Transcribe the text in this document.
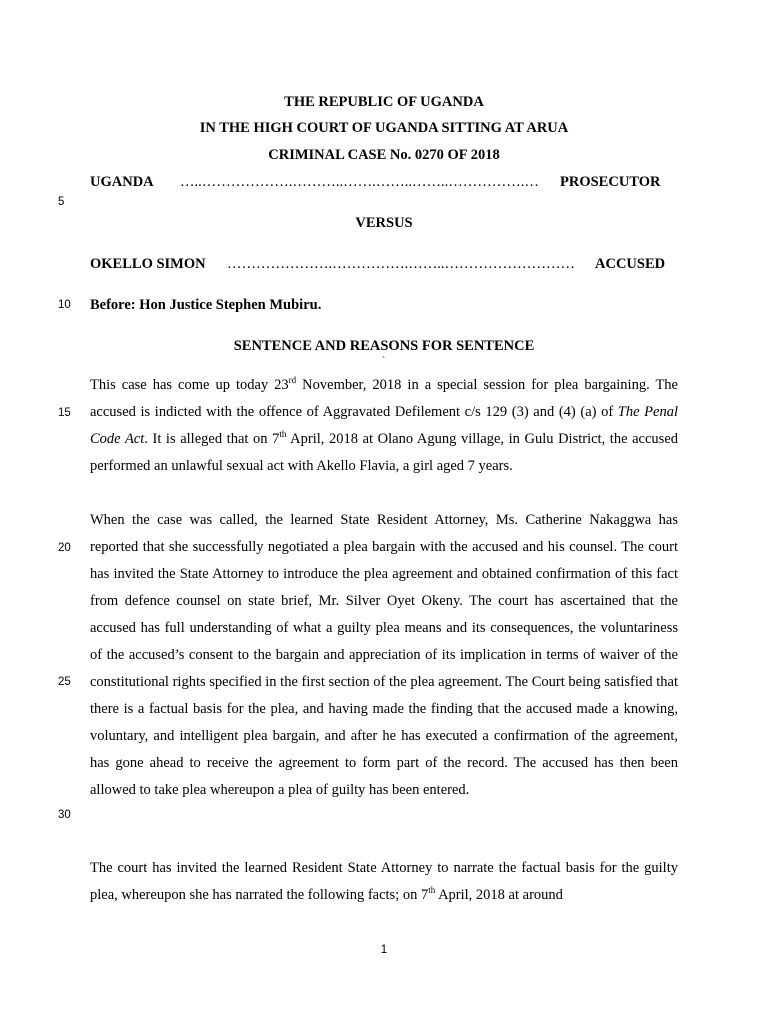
THE REPUBLIC OF UGANDA
IN THE HIGH COURT OF UGANDA SITTING AT ARUA
CRIMINAL CASE No. 0270 OF 2018
UGANDA …..……………….………..…….……..……..…………….… PROSECUTOR
5
VERSUS
OKELLO SIMON ………………….…………….……..……………………… ACCUSED
10	Before: Hon Justice Stephen Mubiru.
SENTENCE AND REASONS FOR SENTENCE
`
This case has come up today 23rd November, 2018 in a special session for plea bargaining. The accused is indicted with the offence of Aggravated Defilement c/s 129 (3) and (4) (a) of The Penal Code Act. It is alleged that on 7th April, 2018 at Olano Agung village, in Gulu District, the accused performed an unlawful sexual act with Akello Flavia, a girl aged 7 years.
15
When the case was called, the learned State Resident Attorney, Ms. Catherine Nakaggwa has reported that she successfully negotiated a plea bargain with the accused and his counsel. The court has invited the State Attorney to introduce the plea agreement and obtained confirmation of this fact from defence counsel on state brief, Mr. Silver Oyet Okeny. The court has ascertained that the accused has full understanding of what a guilty plea means and its consequences, the voluntariness of the accused’s consent to the bargain and appreciation of its implication in terms of waiver of the constitutional rights specified in the first section of the plea agreement. The Court being satisfied that there is a factual basis for the plea, and having made the finding that the accused made a knowing, voluntary, and intelligent plea bargain, and after he has executed a confirmation of the agreement, has gone ahead to receive the agreement to form part of the record. The accused has then been allowed to take plea whereupon a plea of guilty has been entered.
20
25
30
The court has invited the learned Resident State Attorney to narrate the factual basis for the guilty plea, whereupon she has narrated the following facts; on 7th April, 2018 at around
1
